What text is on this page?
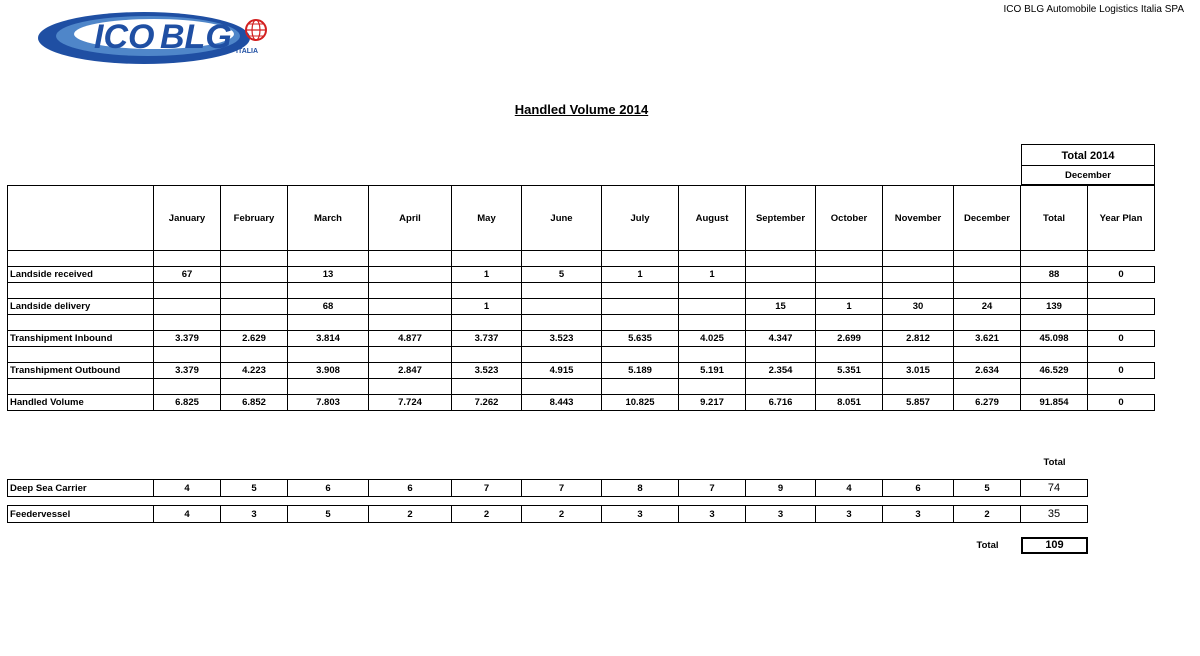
ICO BLG ITALIA
ICO BLG Automobile Logistics Italia SPA
Handled Volume 2014
Total 2014
December
	January	February	March	April	May	June	July	August	September	October	November	December	Total	Year Plan

Landside received	67		13		1	5	1	1					88	0

Landside delivery			68		1				15	1	30	24	139	

Transhipment Inbound	3.379	2.629	3.814	4.877	3.737	3.523	5.635	4.025	4.347	2.699	2.812	3.621	45.098	0

Transhipment Outbound	3.379	4.223	3.908	2.847	3.523	4.915	5.189	5.191	2.354	5.351	3.015	2.634	46.529	0

Handled Volume	6.825	6.852	7.803	7.724	7.262	8.443	10.825	9.217	6.716	8.051	5.857	6.279	91.854	0
Total
Deep Sea Carrier	4	5	6	6	7	7	8	7	9	4	6	5	74

Feedervessel	4	3	5	2	2	2	3	3	3	3	3	2	35
Total	109
